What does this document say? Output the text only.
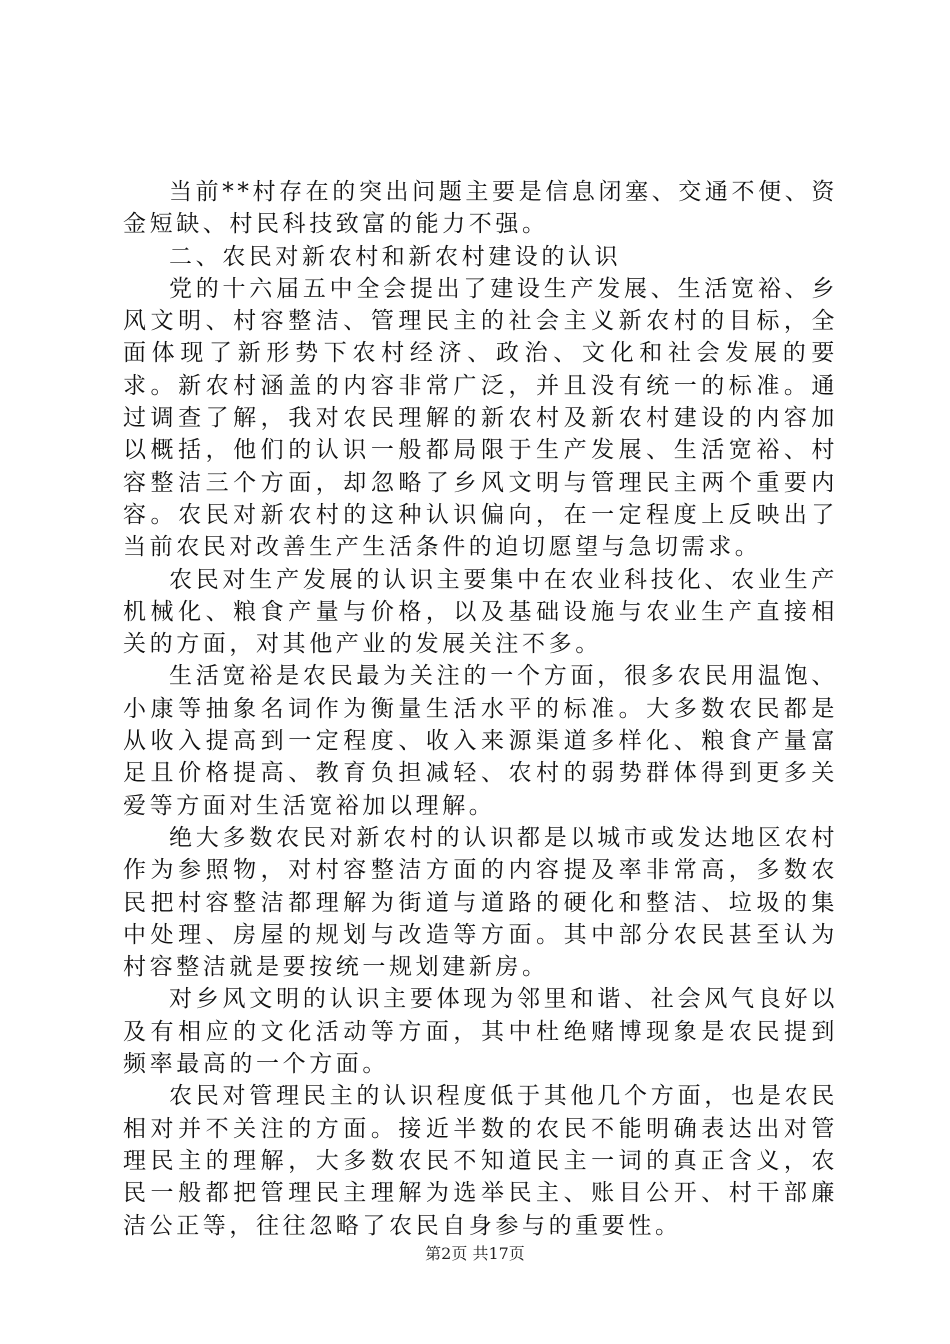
当前**村存在的突出问题主要是信息闭塞、交通不便、资金短缺、村民科技致富的能力不强。

二、农民对新农村和新农村建设的认识

党的十六届五中全会提出了建设生产发展、生活宽裕、乡风文明、村容整洁、管理民主的社会主义新农村的目标，全面体现了新形势下农村经济、政治、文化和社会发展的要求。新农村涵盖的内容非常广泛，并且没有统一的标准。通过调查了解，我对农民理解的新农村及新农村建设的内容加以概括，他们的认识一般都局限于生产发展、生活宽裕、村容整洁三个方面，却忽略了乡风文明与管理民主两个重要内容。农民对新农村的这种认识偏向，在一定程度上反映出了当前农民对改善生产生活条件的迫切愿望与急切需求。

农民对生产发展的认识主要集中在农业科技化、农业生产机械化、粮食产量与价格，以及基础设施与农业生产直接相关的方面，对其他产业的发展关注不多。

生活宽裕是农民最为关注的一个方面，很多农民用温饱、小康等抽象名词作为衡量生活水平的标准。大多数农民都是从收入提高到一定程度、收入来源渠道多样化、粮食产量富足且价格提高、教育负担减轻、农村的弱势群体得到更多关爱等方面对生活宽裕加以理解。

绝大多数农民对新农村的认识都是以城市或发达地区农村作为参照物，对村容整洁方面的内容提及率非常高，多数农民把村容整洁都理解为街道与道路的硬化和整洁、垃圾的集中处理、房屋的规划与改造等方面。其中部分农民甚至认为村容整洁就是要按统一规划建新房。

对乡风文明的认识主要体现为邻里和谐、社会风气良好以及有相应的文化活动等方面，其中杜绝赌博现象是农民提到频率最高的一个方面。

农民对管理民主的认识程度低于其他几个方面，也是农民相对并不关注的方面。接近半数的农民不能明确表达出对管理民主的理解，大多数农民不知道民主一词的真正含义，农民一般都把管理民主理解为选举民主、账目公开、村干部廉洁公正等，往往忽略了农民自身参与的重要性。

第2页 共17页
